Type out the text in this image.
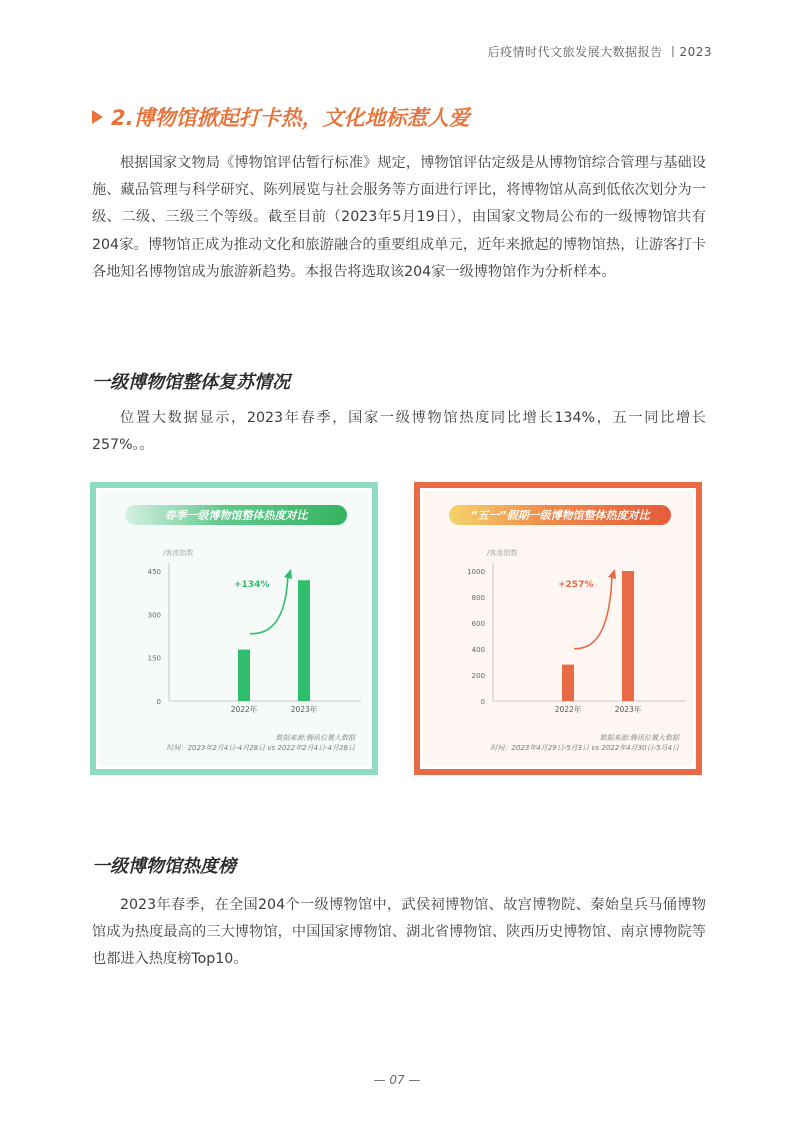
后疫情时代文旅发展大数据报告 丨2023
2.博物馆掀起打卡热，文化地标惹人爱

根据国家文物局《博物馆评估暂行标准》规定，博物馆评估定级是从博物馆综合管理与基础设施、藏品管理与科学研究、陈列展览与社会服务等方面进行评比，将博物馆从高到低依次划分为一级、二级、三级三个等级。截至目前（2023年5月19日），由国家文物局公布的一级博物馆共有204家。博物馆正成为推动文化和旅游融合的重要组成单元，近年来掀起的博物馆热，让游客打卡各地知名博物馆成为旅游新趋势。本报告将选取该204家一级博物馆作为分析样本。

一级博物馆整体复苏情况

位置大数据显示，2023年春季，国家一级博物馆热度同比增长134%，五一同比增长257%。。

春季一级博物馆整体热度对比
/客流指数
0
150
300
450
2022年	2023年
+134%
数据来源:腾讯位置大数据
时间：2023年2月4日-4月28日 vs 2022年2月4日-4月28日
“五一”假期一级博物馆整体热度对比
/客流指数
0
200
400
600
800
1000
2022年	2023年
+257%
数据来源:腾讯位置大数据
时间：2023年4月29日-5月3日 vs 2022年4月30日-5月4日
一级博物馆热度榜

2023年春季，在全国204个一级博物馆中，武侯祠博物馆、故宫博物院、秦始皇兵马俑博物馆成为热度最高的三大博物馆，中国国家博物馆、湖北省博物馆、陕西历史博物馆、南京博物院等也都进入热度榜Top10。

— 07 —
